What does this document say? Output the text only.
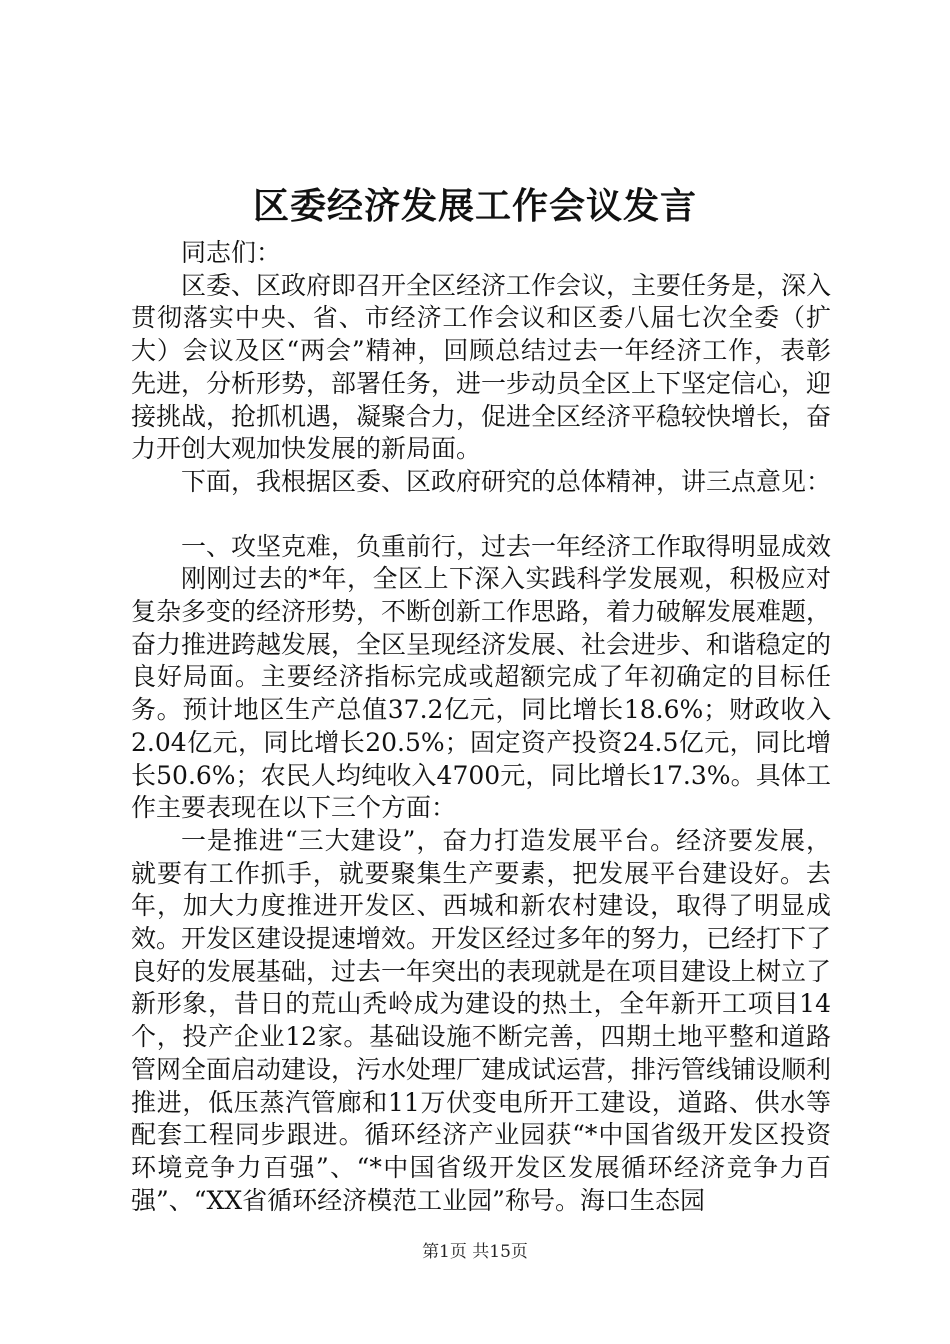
区委经济发展工作会议发言

同志们：

区委、区政府即召开全区经济工作会议，主要任务是，深入贯彻落实中央、省、市经济工作会议和区委八届七次全委（扩大）会议及区“两会”精神，回顾总结过去一年经济工作，表彰先进，分析形势，部署任务，进一步动员全区上下坚定信心，迎接挑战，抢抓机遇，凝聚合力，促进全区经济平稳较快增长，奋力开创大观加快发展的新局面。

下面，我根据区委、区政府研究的总体精神，讲三点意见：

一、攻坚克难，负重前行，过去一年经济工作取得明显成效

刚刚过去的*年，全区上下深入实践科学发展观，积极应对复杂多变的经济形势，不断创新工作思路，着力破解发展难题，奋力推进跨越发展，全区呈现经济发展、社会进步、和谐稳定的良好局面。主要经济指标完成或超额完成了年初确定的目标任务。预计地区生产总值37.2亿元，同比增长18.6%；财政收入2.04亿元，同比增长20.5%；固定资产投资24.5亿元，同比增长50.6%；农民人均纯收入4700元，同比增长17.3%。具体工作主要表现在以下三个方面：

一是推进“三大建设”，奋力打造发展平台。经济要发展，就要有工作抓手，就要聚集生产要素，把发展平台建设好。去年，加大力度推进开发区、西城和新农村建设，取得了明显成效。开发区建设提速增效。开发区经过多年的努力，已经打下了良好的发展基础，过去一年突出的表现就是在项目建设上树立了新形象，昔日的荒山秃岭成为建设的热土，全年新开工项目14个，投产企业12家。基础设施不断完善，四期土地平整和道路管网全面启动建设，污水处理厂建成试运营，排污管线铺设顺利推进，低压蒸汽管廊和11万伏变电所开工建设，道路、供水等配套工程同步跟进。循环经济产业园获“*中国省级开发区投资环境竞争力百强”、“*中国省级开发区发展循环经济竞争力百强”、“XX省循环经济模范工业园”称号。海口生态园

第1页 共15页
